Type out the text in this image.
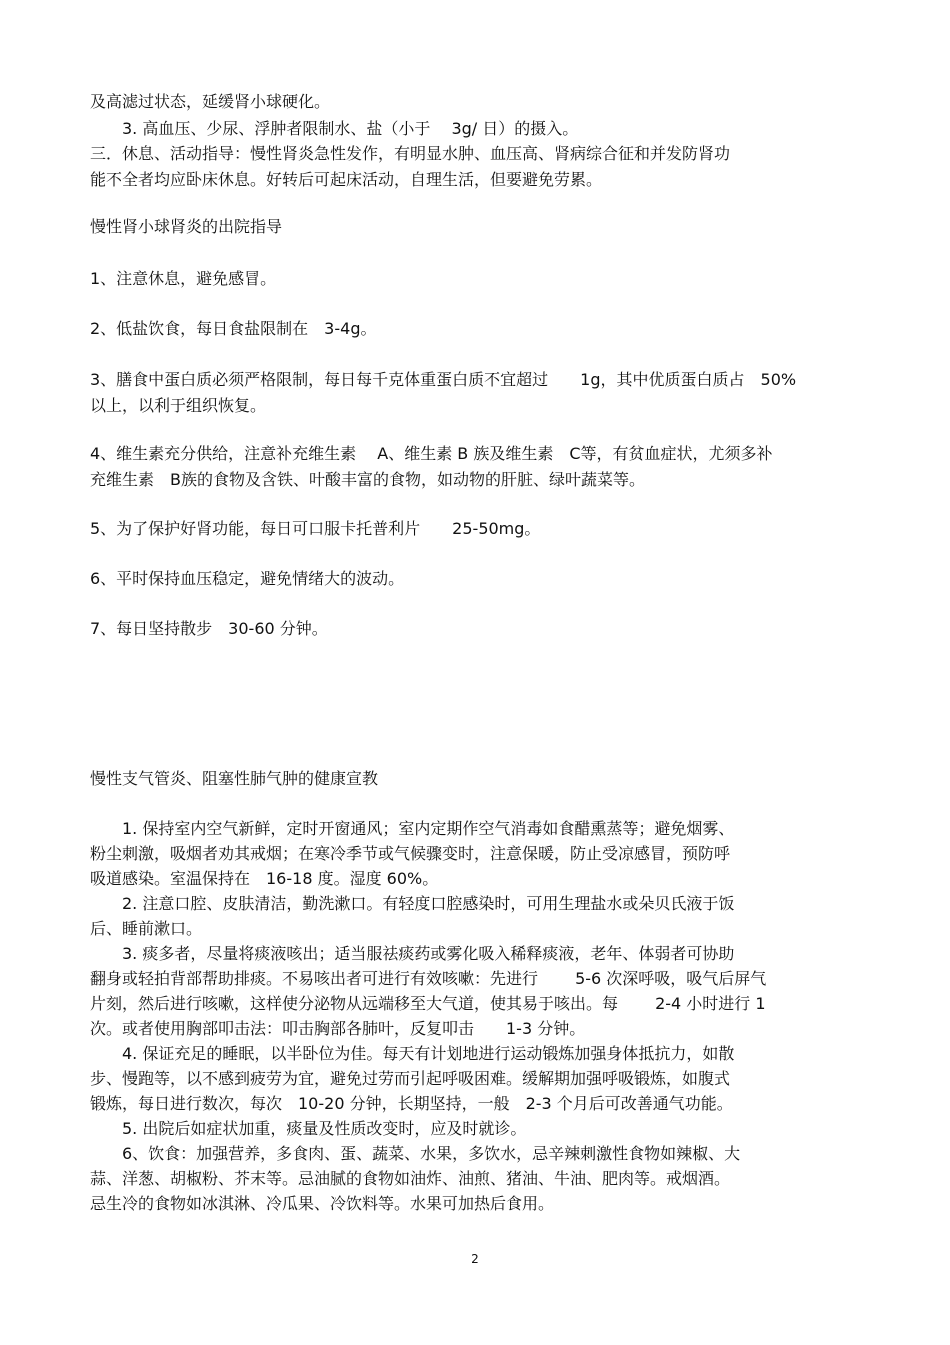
及高滤过状态，延缓肾小球硬化。

　　3. 高血压、少尿、浮肿者限制水、盐（小于　 3g/ 日）的摄入。

三．休息、活动指导：慢性肾炎急性发作，有明显水肿、血压高、肾病综合征和并发防肾功

能不全者均应卧床休息。好转后可起床活动，自理生活，但要避免劳累。

慢性肾小球肾炎的出院指导

1、注意休息，避免感冒。

2、低盐饮食，每日食盐限制在　3-4g。

3、膳食中蛋白质必须严格限制，每日每千克体重蛋白质不宜超过　　1g，其中优质蛋白质占　50%

以上，以利于组织恢复。

4、维生素充分供给，注意补充维生素　 A、维生素 B 族及维生素　C等，有贫血症状，尤须多补

充维生素　B族的食物及含铁、叶酸丰富的食物，如动物的肝脏、绿叶蔬菜等。

5、为了保护好肾功能，每日可口服卡托普利片　　25-50mg。

6、平时保持血压稳定，避免情绪大的波动。

7、每日坚持散步　30-60 分钟。

慢性支气管炎、阻塞性肺气肿的健康宣教

　　1. 保持室内空气新鲜，定时开窗通风；室内定期作空气消毒如食醋熏蒸等；避免烟雾、

粉尘刺激，吸烟者劝其戒烟；在寒冷季节或气候骤变时，注意保暖，防止受凉感冒，预防呼

吸道感染。室温保持在　16-18 度。湿度 60%。

　　2. 注意口腔、皮肤清洁，勤洗漱口。有轻度口腔感染时，可用生理盐水或朵贝氏液于饭

后、睡前漱口。

　　3. 痰多者，尽量将痰液咳出；适当服祛痰药或雾化吸入稀释痰液，老年、体弱者可协助

翻身或轻拍背部帮助排痰。不易咳出者可进行有效咳嗽：先进行　　 5-6 次深呼吸，吸气后屏气

片刻，然后进行咳嗽，这样使分泌物从远端移至大气道，使其易于咳出。每　　 2-4 小时进行 1

次。或者使用胸部叩击法：叩击胸部各肺叶，反复叩击　　1-3 分钟。

　　4. 保证充足的睡眠，以半卧位为佳。每天有计划地进行运动锻炼加强身体抵抗力，如散

步、慢跑等，以不感到疲劳为宜，避免过劳而引起呼吸困难。缓解期加强呼吸锻炼，如腹式

锻炼，每日进行数次，每次　10-20 分钟，长期坚持，一般　2-3 个月后可改善通气功能。

　　5. 出院后如症状加重，痰量及性质改变时，应及时就诊。

　　6、饮食：加强营养，多食肉、蛋、蔬菜、水果，多饮水，忌辛辣刺激性食物如辣椒、大

蒜、洋葱、胡椒粉、芥末等。忌油腻的食物如油炸、油煎、猪油、牛油、肥肉等。戒烟酒。

忌生冷的食物如冰淇淋、冷瓜果、冷饮料等。水果可加热后食用。

2
